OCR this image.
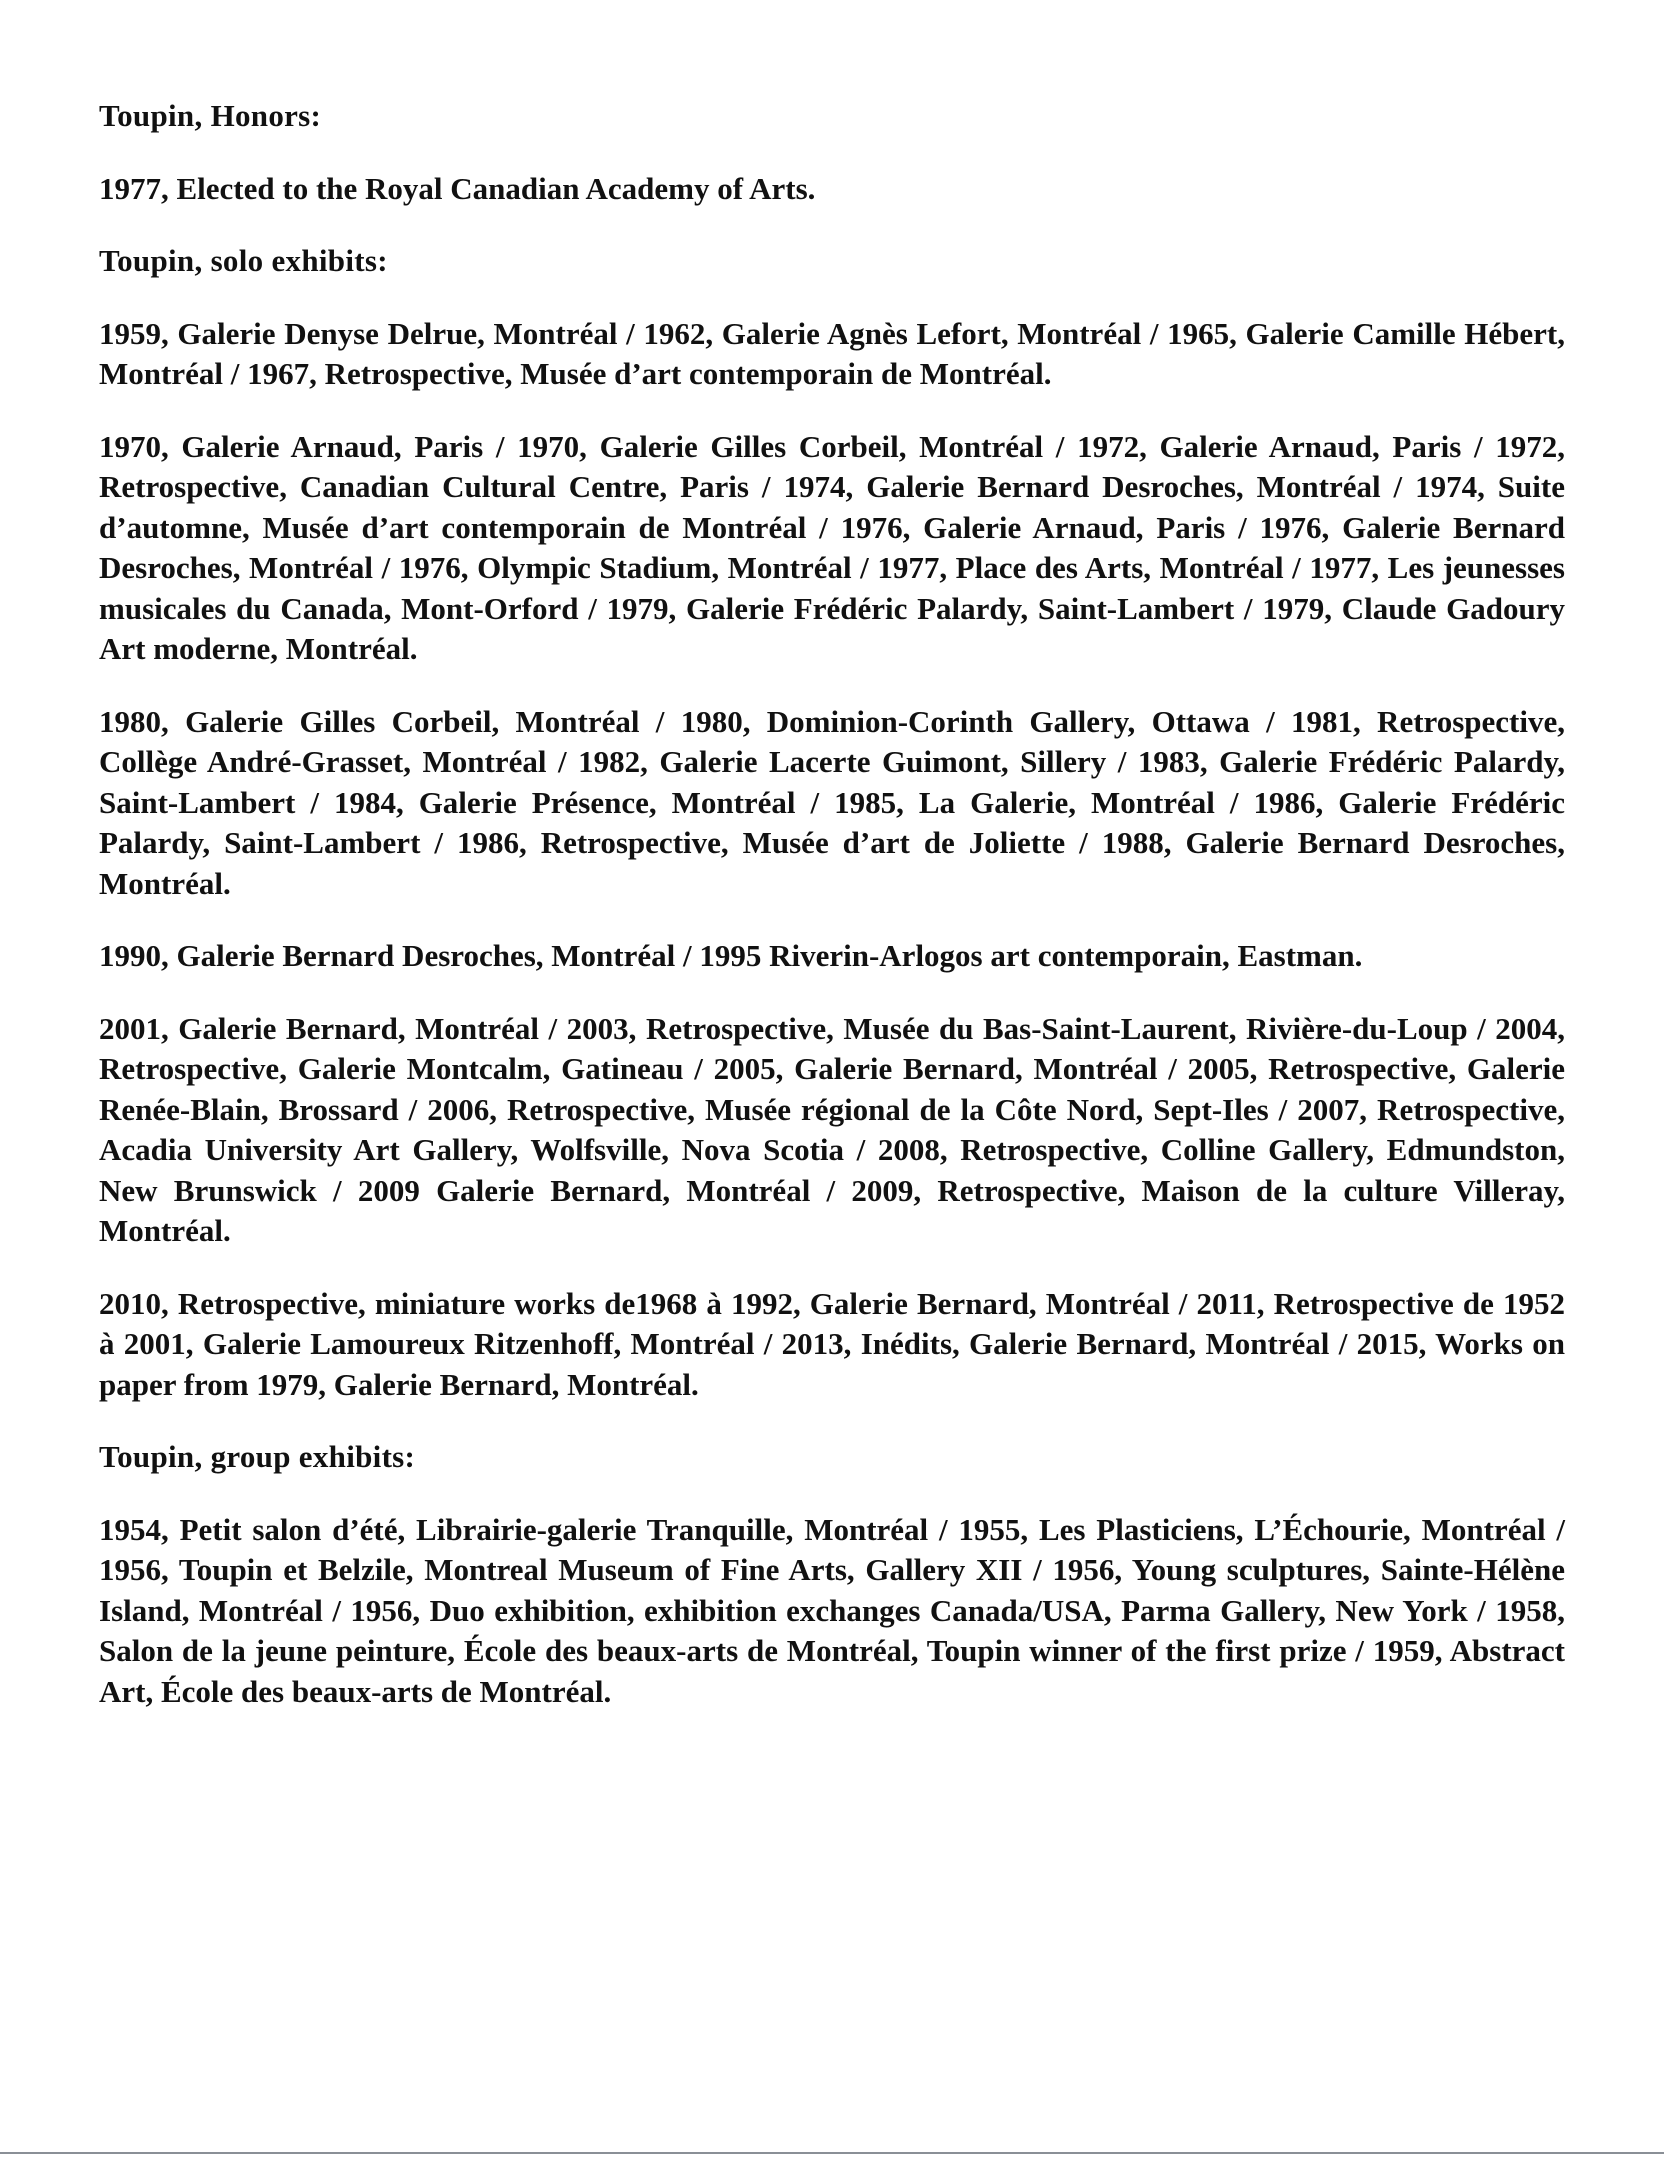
Toupin, Honors:
1977, Elected to the Royal Canadian Academy of Arts.
Toupin, solo exhibits:
1959, Galerie Denyse Delrue, Montréal / 1962, Galerie Agnès Lefort, Montréal / 1965, Galerie Camille Hébert, Montréal / 1967, Retrospective, Musée d’art contemporain de Montréal.
1970, Galerie Arnaud, Paris / 1970, Galerie Gilles Corbeil, Montréal / 1972, Galerie Arnaud, Paris / 1972, Retrospective, Canadian Cultural Centre, Paris / 1974, Galerie Bernard Desroches, Montréal / 1974, Suite d’automne, Musée d’art contemporain de Montréal / 1976, Galerie Arnaud, Paris / 1976, Galerie Bernard Desroches, Montréal / 1976, Olympic Stadium, Montréal / 1977, Place des Arts, Montréal / 1977, Les jeunesses musicales du Canada, Mont-Orford / 1979, Galerie Frédéric Palardy, Saint-Lambert / 1979, Claude Gadoury Art moderne, Montréal.
1980, Galerie Gilles Corbeil, Montréal / 1980, Dominion-Corinth Gallery, Ottawa / 1981, Retrospective, Collège André-Grasset, Montréal / 1982, Galerie Lacerte Guimont, Sillery / 1983, Galerie Frédéric Palardy, Saint-Lambert / 1984, Galerie Présence, Montréal / 1985, La Galerie, Montréal / 1986, Galerie Frédéric Palardy, Saint-Lambert / 1986, Retrospective, Musée d’art de Joliette / 1988, Galerie Bernard Desroches, Montréal.
1990, Galerie Bernard Desroches, Montréal / 1995 Riverin-Arlogos art contemporain, Eastman.
2001, Galerie Bernard, Montréal / 2003, Retrospective, Musée du Bas-Saint-Laurent, Rivière-du-Loup / 2004, Retrospective, Galerie Montcalm, Gatineau / 2005, Galerie Bernard, Montréal / 2005, Retrospective, Galerie Renée-Blain, Brossard / 2006, Retrospective, Musée régional de la Côte Nord, Sept-Iles / 2007, Retrospective, Acadia University Art Gallery, Wolfsville, Nova Scotia / 2008, Retrospective, Colline Gallery, Edmundston, New Brunswick / 2009 Galerie Bernard, Montréal / 2009, Retrospective, Maison de la culture Villeray, Montréal.
2010, Retrospective, miniature works de1968 à 1992, Galerie Bernard, Montréal / 2011, Retrospective de 1952 à 2001, Galerie Lamoureux Ritzenhoff, Montréal / 2013, Inédits, Galerie Bernard, Montréal / 2015, Works on paper from 1979, Galerie Bernard, Montréal.
Toupin, group exhibits:
1954, Petit salon d’été, Librairie-galerie Tranquille, Montréal / 1955, Les Plasticiens, L’Échourie, Montréal / 1956, Toupin et Belzile, Montreal Museum of Fine Arts, Gallery XII / 1956, Young sculptures, Sainte-Hélène Island, Montréal / 1956, Duo exhibition, exhibition exchanges Canada/USA, Parma Gallery, New York / 1958, Salon de la jeune peinture, École des beaux-arts de Montréal, Toupin winner of the first prize / 1959, Abstract Art, École des beaux-arts de Montréal.
